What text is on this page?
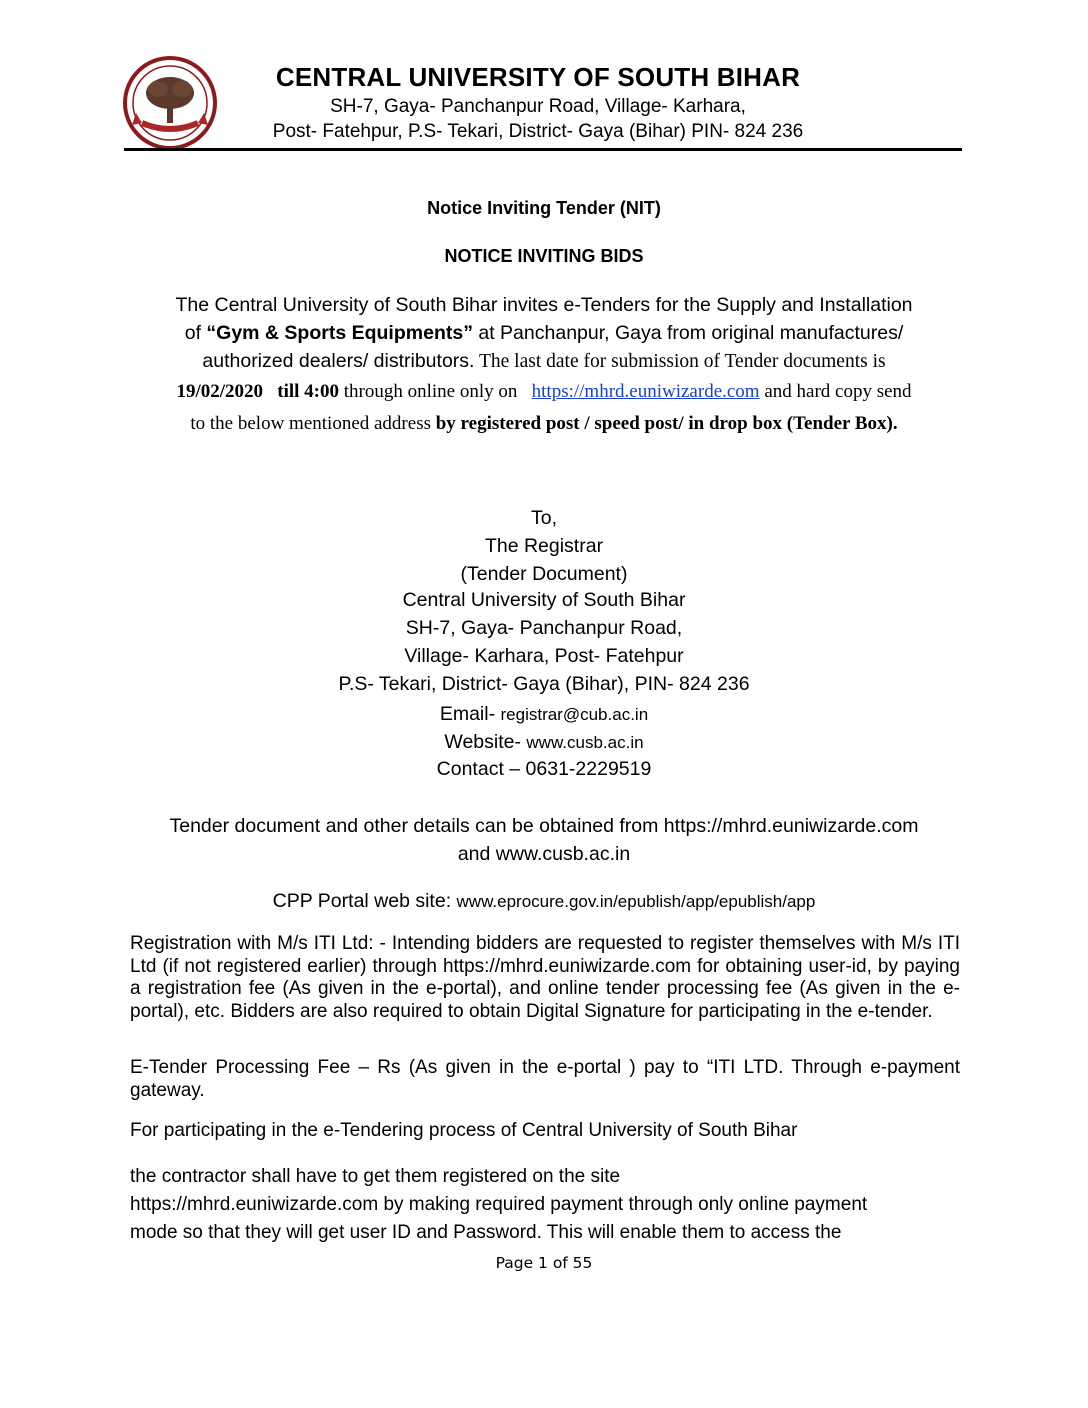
CENTRAL UNIVERSITY OF SOUTH BIHAR
SH-7, Gaya- Panchanpur Road, Village- Karhara,
Post- Fatehpur, P.S- Tekari, District- Gaya (Bihar) PIN- 824 236
Notice Inviting Tender (NIT)
NOTICE INVITING BIDS
The Central University of South Bihar invites e-Tenders for the Supply and Installation
of “Gym & Sports Equipments” at Panchanpur, Gaya from original manufactures/
authorized dealers/ distributors. The last date for submission of Tender documents is
19/02/2020 till 4:00 through online only on   https://mhrd.euniwizarde.com and hard copy send
to the below mentioned address by registered post / speed post/ in drop box (Tender Box).
To,
The Registrar
(Tender Document)
Central University of South Bihar
SH-7, Gaya- Panchanpur Road,
Village- Karhara, Post- Fatehpur
P.S- Tekari, District- Gaya (Bihar), PIN- 824 236
Email- registrar@cub.ac.in
Website- www.cusb.ac.in
Contact – 0631-2229519
Tender document and other details can be obtained from https://mhrd.euniwizarde.com
and www.cusb.ac.in
CPP Portal web site: www.eprocure.gov.in/epublish/app/epublish/app
Registration with M/s ITI Ltd: - Intending bidders are requested to register themselves with M/s ITI Ltd (if not registered earlier) through https://mhrd.euniwizarde.com for obtaining user-id, by paying a registration fee (As given in the e-portal), and online tender processing fee (As given in the e-portal), etc. Bidders are also required to obtain Digital Signature for participating in the e-tender.
E-Tender Processing Fee – Rs (As given in the e-portal ) pay to “ITI LTD. Through e-payment gateway.
For participating in the e-Tendering process of Central University of South Bihar
the contractor shall have to get them registered on the site
https://mhrd.euniwizarde.com by making required payment through only online payment
mode so that they will get user ID and Password. This will enable them to access the
Page 1 of 55
